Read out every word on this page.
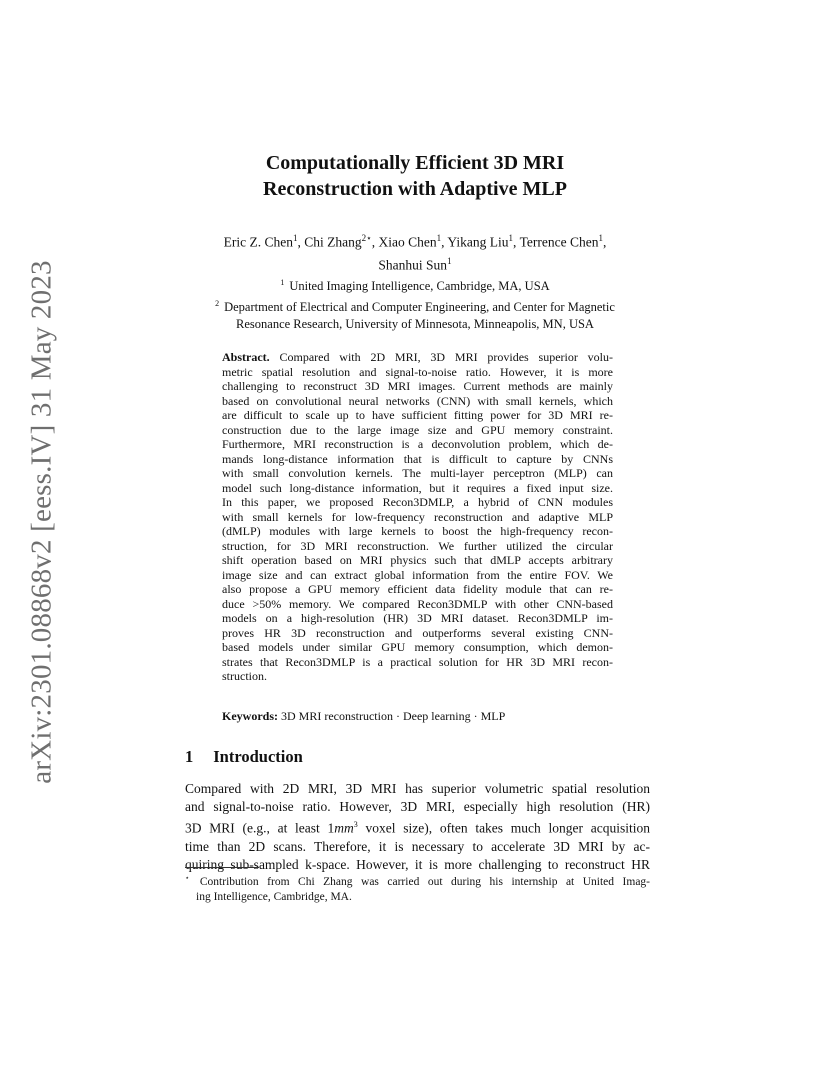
arXiv:2301.08868v2 [eess.IV] 31 May 2023
Computationally Efficient 3D MRI
Reconstruction with Adaptive MLP
Eric Z. Chen$^1$, Chi Zhang$^{2⋆}$, Xiao Chen$^1$, Yikang Liu$^1$, Terrence Chen$^1$,
Shanhui Sun$^1$
$^1$ United Imaging Intelligence, Cambridge, MA, USA
$^2$ Department of Electrical and Computer Engineering, and Center for Magnetic
Resonance Research, University of Minnesota, Minneapolis, MN, USA
Abstract. Compared with 2D MRI, 3D MRI provides superior volu-
metric spatial resolution and signal-to-noise ratio. However, it is more
challenging to reconstruct 3D MRI images. Current methods are mainly
based on convolutional neural networks (CNN) with small kernels, which
are difficult to scale up to have sufficient fitting power for 3D MRI re-
construction due to the large image size and GPU memory constraint.
Furthermore, MRI reconstruction is a deconvolution problem, which de-
mands long-distance information that is difficult to capture by CNNs
with small convolution kernels. The multi-layer perceptron (MLP) can
model such long-distance information, but it requires a fixed input size.
In this paper, we proposed Recon3DMLP, a hybrid of CNN modules
with small kernels for low-frequency reconstruction and adaptive MLP
(dMLP) modules with large kernels to boost the high-frequency recon-
struction, for 3D MRI reconstruction. We further utilized the circular
shift operation based on MRI physics such that dMLP accepts arbitrary
image size and can extract global information from the entire FOV. We
also propose a GPU memory efficient data fidelity module that can re-
duce >50% memory. We compared Recon3DMLP with other CNN-based
models on a high-resolution (HR) 3D MRI dataset. Recon3DMLP im-
proves HR 3D reconstruction and outperforms several existing CNN-
based models under similar GPU memory consumption, which demon-
strates that Recon3DMLP is a practical solution for HR 3D MRI recon-
struction.
Keywords: 3D MRI reconstruction · Deep learning · MLP
1 Introduction
Compared with 2D MRI, 3D MRI has superior volumetric spatial resolution
and signal-to-noise ratio. However, 3D MRI, especially high resolution (HR)
3D MRI (e.g., at least $1mm^3$ voxel size), often takes much longer acquisition
time than 2D scans. Therefore, it is necessary to accelerate 3D MRI by ac-
quiring sub-sampled k-space. However, it is more challenging to reconstruct HR
⋆ Contribution from Chi Zhang was carried out during his internship at United Imag-
ing Intelligence, Cambridge, MA.
